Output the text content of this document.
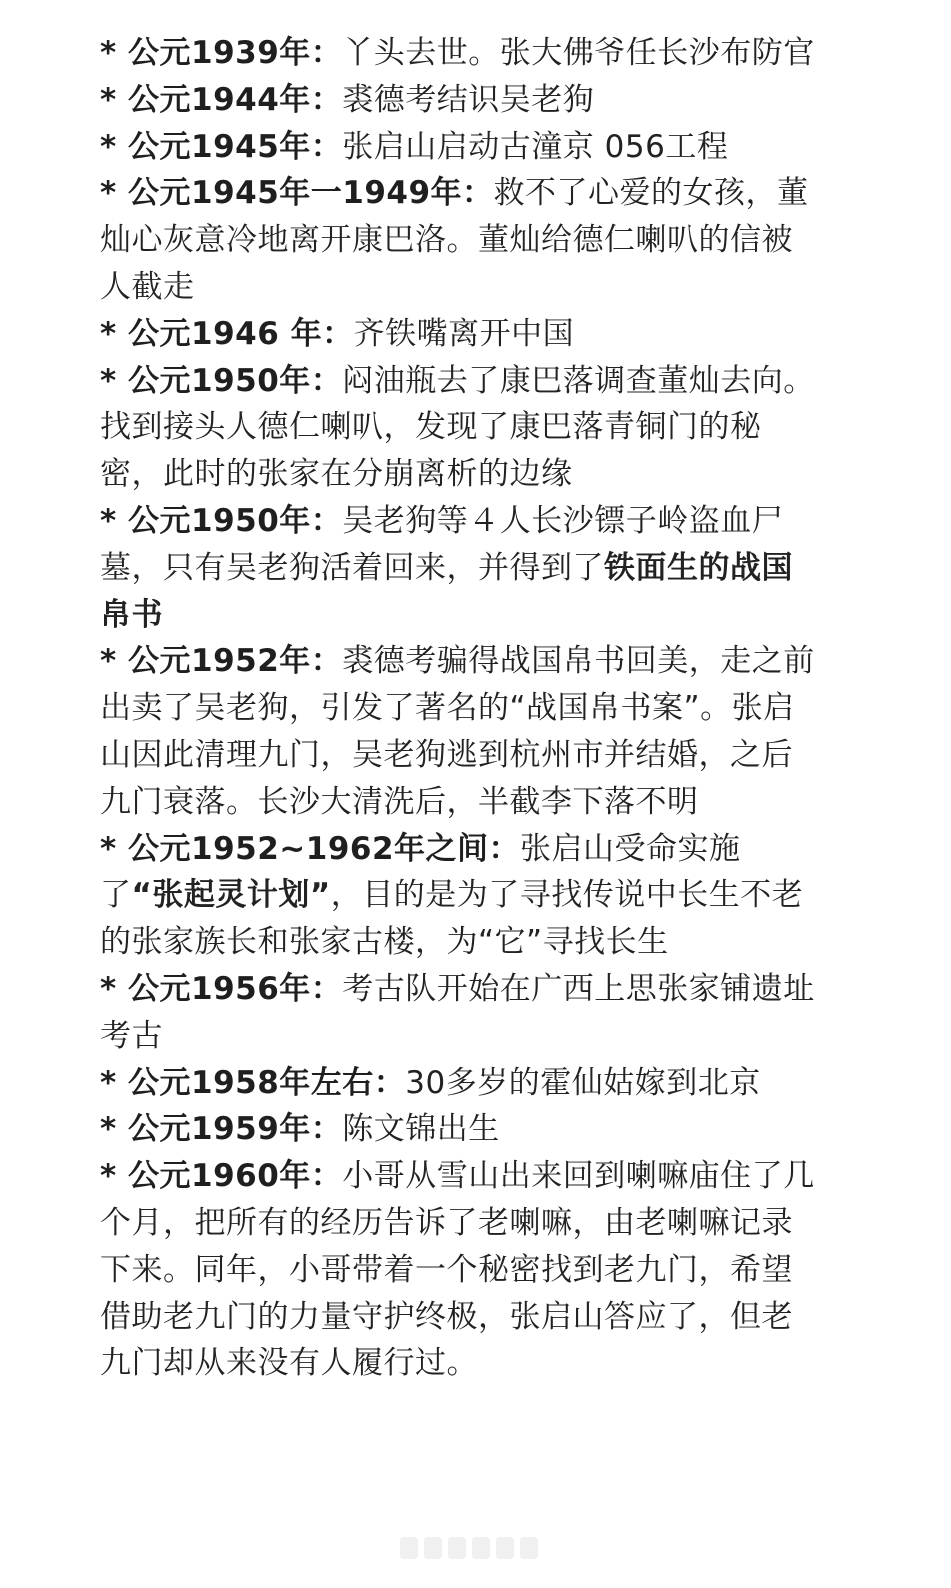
* 公元1939年：丫头去世。张大佛爷任长沙布防官

* 公元1944年：裘德考结识吴老狗

* 公元1945年：张启山启动古潼京 056工程

* 公元1945年一1949年：救不了心爱的女孩，董灿心灰意冷地离开康巴洛。董灿给德仁喇叭的信被人截走

* 公元1946 年：齐铁嘴离开中国

* 公元1950年：闷油瓶去了康巴落调查董灿去向。找到接头人德仁喇叭，发现了康巴落青铜门的秘密，此时的张家在分崩离析的边缘

* 公元1950年：吴老狗等４人长沙镖子岭盗血尸墓，只有吴老狗活着回来，并得到了铁面生的战国帛书

* 公元1952年：裘德考骗得战国帛书回美，走之前出卖了吴老狗，引发了著名的“战国帛书案”。张启山因此清理九门，吴老狗逃到杭州市并结婚，之后九门衰落。长沙大清洗后，半截李下落不明

* 公元1952~1962年之间：张启山受命实施了“张起灵计划”，目的是为了寻找传说中长生不老的张家族长和张家古楼，为“它”寻找长生

* 公元1956年：考古队开始在广西上思张家铺遗址考古

* 公元1958年左右：30多岁的霍仙姑嫁到北京

* 公元1959年：陈文锦出生

* 公元1960年：小哥从雪山出来回到喇嘛庙住了几个月，把所有的经历告诉了老喇嘛，由老喇嘛记录下来。同年，小哥带着一个秘密找到老九门，希望借助老九门的力量守护终极，张启山答应了，但老九门却从来没有人履行过。
